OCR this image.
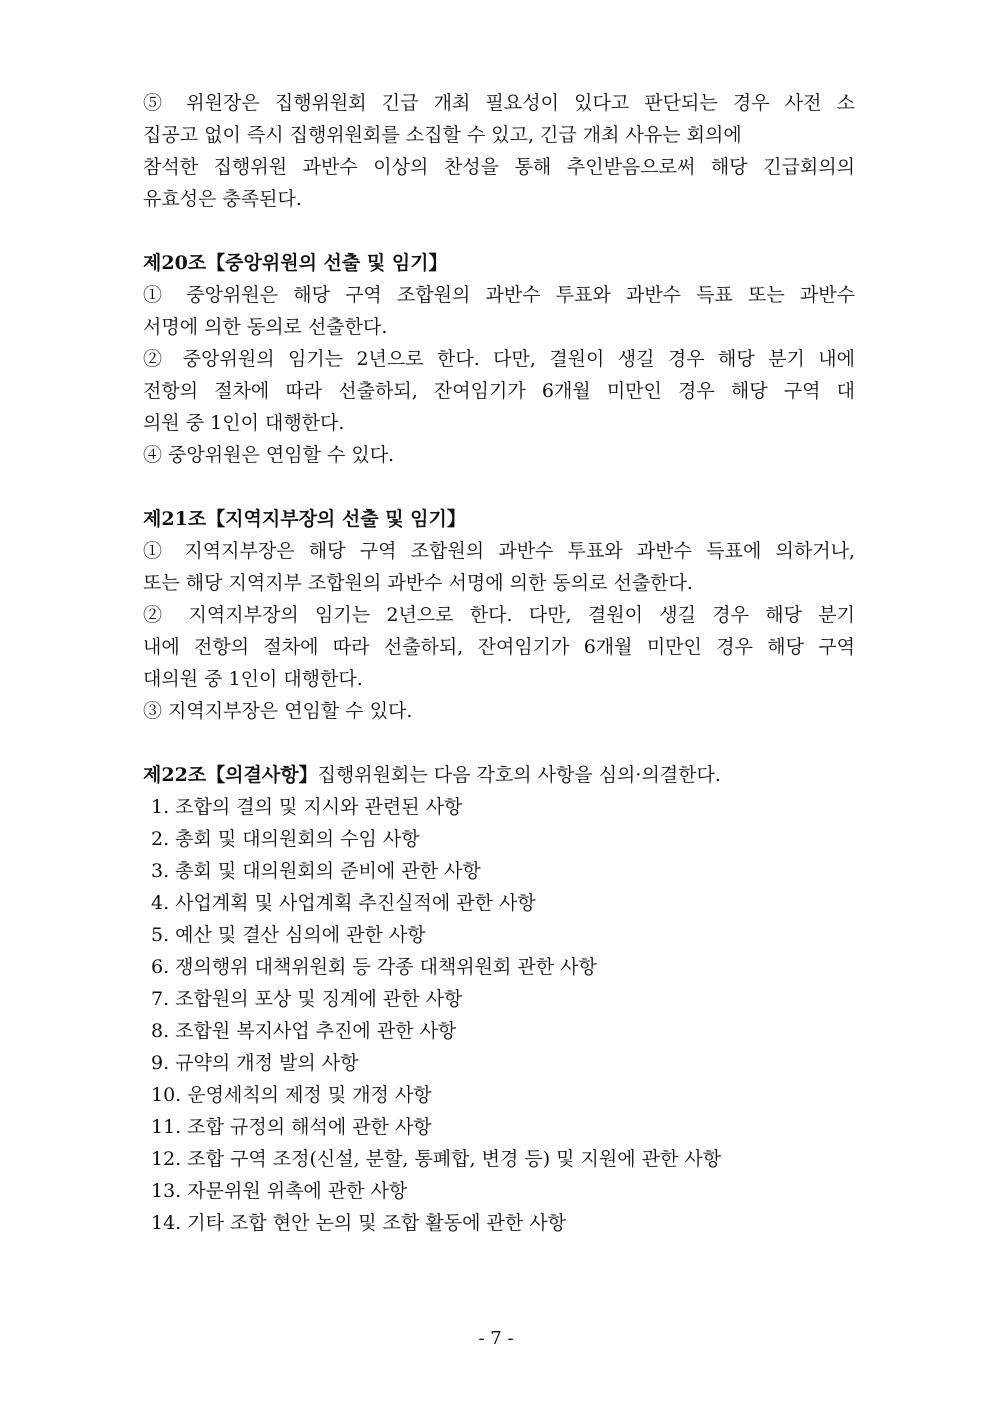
⑤ 위원장은 집행위원회 긴급 개최 필요성이 있다고 판단되는 경우 사전 소
집공고 없이 즉시 집행위원회를 소집할 수 있고, 긴급 개최 사유는 회의에
참석한 집행위원 과반수 이상의 찬성을 통해 추인받음으로써 해당 긴급회의의
유효성은 충족된다.
제20조【중앙위원의 선출 및 임기】
① 중앙위원은 해당 구역 조합원의 과반수 투표와 과반수 득표 또는 과반수
서명에 의한 동의로 선출한다.
② 중앙위원의 임기는 2년으로 한다. 다만, 결원이 생길 경우 해당 분기 내에
전항의 절차에 따라 선출하되, 잔여임기가 6개월 미만인 경우 해당 구역 대
의원 중 1인이 대행한다.
④ 중앙위원은 연임할 수 있다.
제21조【지역지부장의 선출 및 임기】
① 지역지부장은 해당 구역 조합원의 과반수 투표와 과반수 득표에 의하거나,
또는 해당 지역지부 조합원의 과반수 서명에 의한 동의로 선출한다.
② 지역지부장의 임기는 2년으로 한다. 다만, 결원이 생길 경우 해당 분기
내에 전항의 절차에 따라 선출하되, 잔여임기가 6개월 미만인 경우 해당 구역
대의원 중 1인이 대행한다.
③ 지역지부장은 연임할 수 있다.
제22조【의결사항】집행위원회는 다음 각호의 사항을 심의·의결한다.
1. 조합의 결의 및 지시와 관련된 사항
2. 총회 및 대의원회의 수임 사항
3. 총회 및 대의원회의 준비에 관한 사항
4. 사업계획 및 사업계획 추진실적에 관한 사항
5. 예산 및 결산 심의에 관한 사항
6. 쟁의행위 대책위원회 등 각종 대책위원회 관한 사항
7. 조합원의 포상 및 징계에 관한 사항
8. 조합원 복지사업 추진에 관한 사항
9. 규약의 개정 발의 사항
10. 운영세칙의 제정 및 개정 사항
11. 조합 규정의 해석에 관한 사항
12. 조합 구역 조정(신설, 분할, 통폐합, 변경 등) 및 지원에 관한 사항
13. 자문위원 위촉에 관한 사항
14. 기타 조합 현안 논의 및 조합 활동에 관한 사항
- 7 -
